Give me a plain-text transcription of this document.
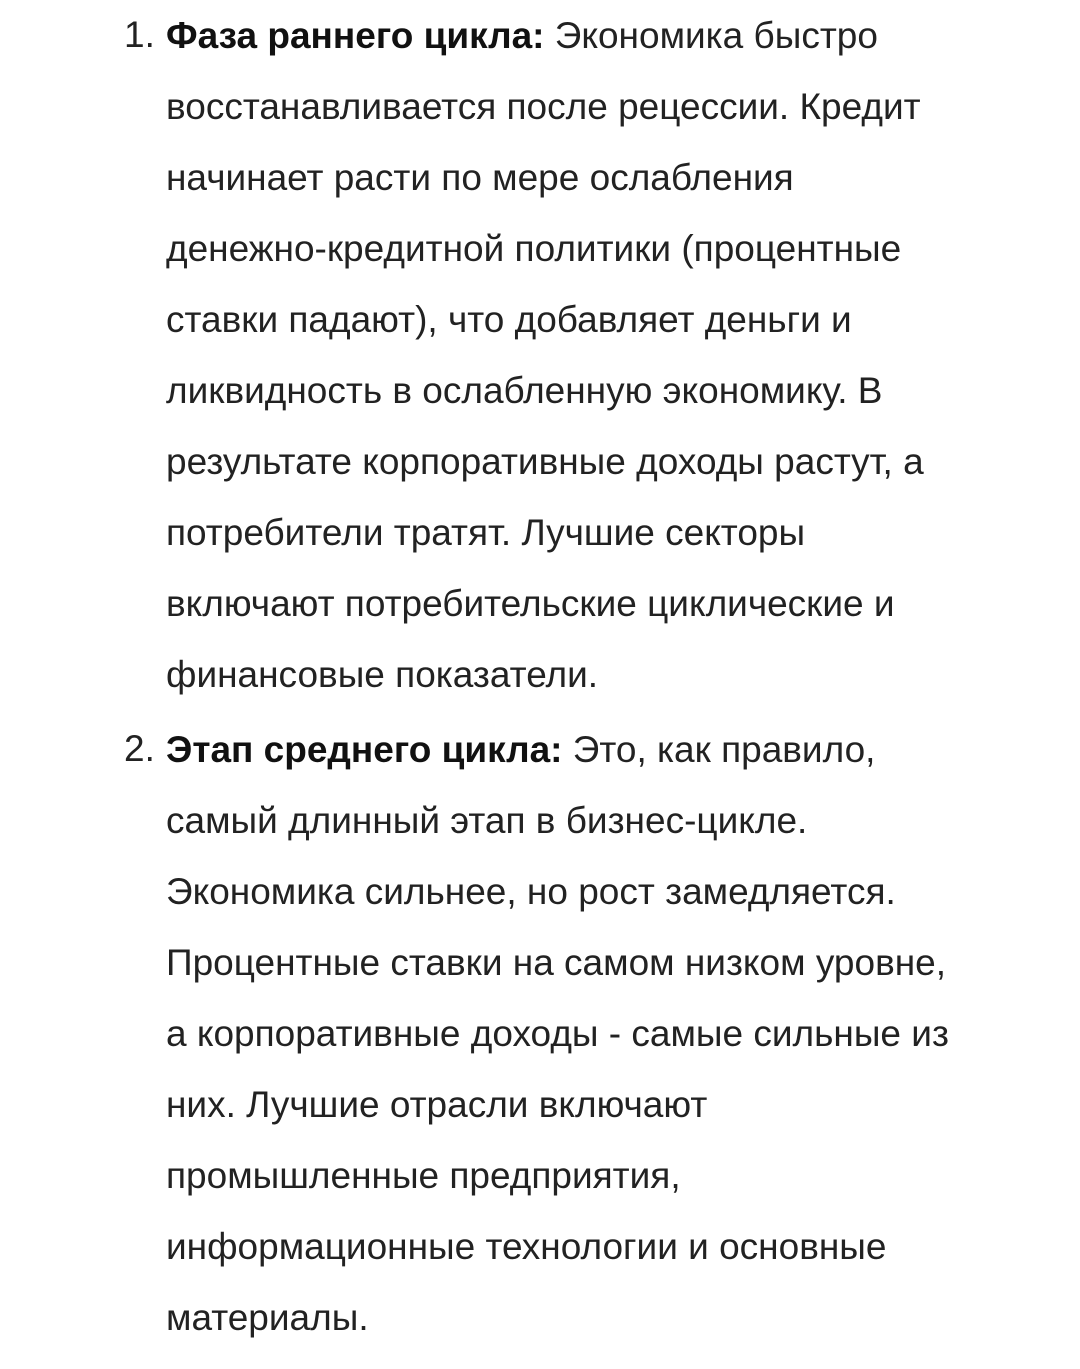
1. Фаза раннего цикла: Экономика быстро
восстанавливается после рецессии. Кредит
начинает расти по мере ослабления
денежно-кредитной политики (процентные
ставки падают), что добавляет деньги и
ликвидность в ослабленную экономику. В
результате корпоративные доходы растут, а
потребители тратят. Лучшие секторы
включают потребительские циклические и
финансовые показатели.

2. Этап среднего цикла: Это, как правило,
самый длинный этап в бизнес-цикле.
Экономика сильнее, но рост замедляется.
Процентные ставки на самом низком уровне,
а корпоративные доходы - самые сильные из
них. Лучшие отрасли включают
промышленные предприятия,
информационные технологии и основные
материалы.
